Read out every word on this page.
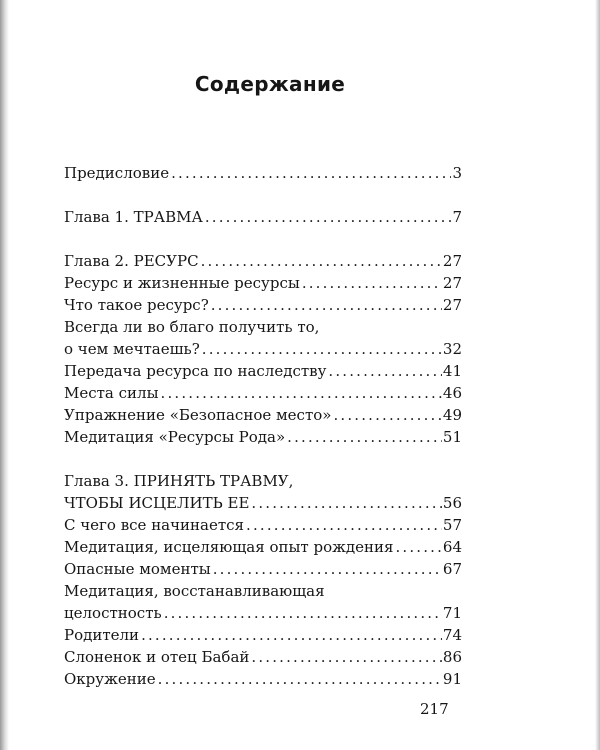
Содержание
Предисловие . . .	3
Глава 1. ТРАВМА . . .	7
Глава 2. РЕСУРС . . .	27
Ресурс и жизненные ресурсы . . .	27
Что такое ресурс? . . .	27
Всегда ли во благо получить то,
о чем мечтаешь? . . .	32
Передача ресурса по наследству . . .	41
Места силы . . .	46
Упражнение «Безопасное место» . . .	49
Медитация «Ресурсы Рода» . . .	51
Глава 3. ПРИНЯТЬ ТРАВМУ,
ЧТОБЫ ИСЦЕЛИТЬ ЕЕ . . .	56
С чего все начинается . . .	57
Медитация, исцеляющая опыт рождения . . .	64
Опасные моменты . . .	67
Медитация, восстанавливающая
целостность . . .	71
Родители . . .	74
Слоненок и отец Бабай . . .	86
Окружение . . .	91
217
